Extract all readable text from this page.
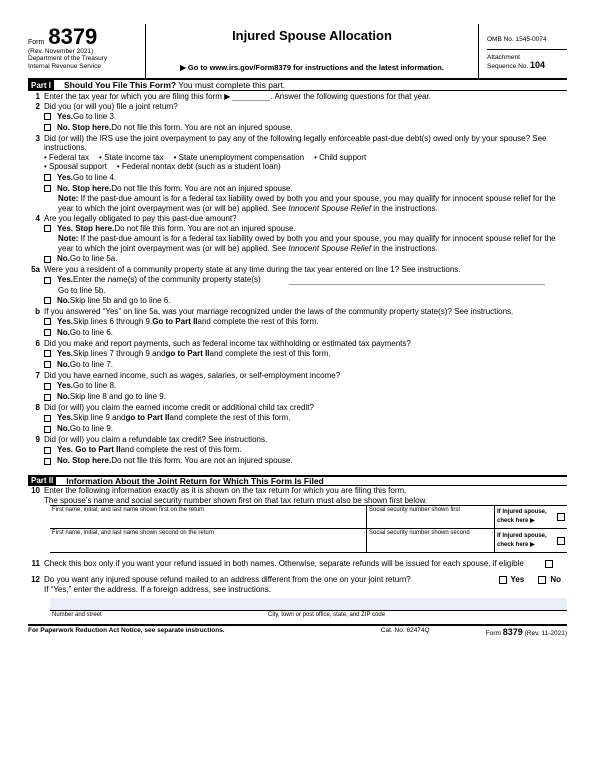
Form 8379
(Rev. November 2021)
Department of the Treasury
Internal Revenue Service
Injured Spouse Allocation
▶ Go to www.irs.gov/Form8379 for instructions and the latest information.
OMB No. 1545-0074
Attachment
Sequence No. 104
Part I	Should You File This Form? You must complete this part.
1 Enter the tax year for which you are filing this form ▶	. Answer the following questions for that year.
2 Did you (or will you) file a joint return?
Yes. Go to line 3.
No. Stop here. Do not file this form. You are not an injured spouse.
3 Did (or will) the IRS use the joint overpayment to pay any of the following legally enforceable past-due debt(s) owed only by your spouse? See instructions.
• Federal tax • State income tax • State unemployment compensation • Child support
• Spousal support • Federal nontax debt (such as a student loan)
Yes. Go to line 4.
No. Stop here. Do not file this form. You are not an injured spouse.
Note: If the past-due amount is for a federal tax liability owed by both you and your spouse, you may qualify for innocent spouse relief for the year to which the joint overpayment was (or will be) applied. See Innocent Spouse Relief in the instructions.
4 Are you legally obligated to pay this past-due amount?
Yes. Stop here. Do not file this form. You are not an injured spouse.
Note: If the past-due amount is for a federal tax liability owed by both you and your spouse, you may qualify for innocent spouse relief for the year to which the joint overpayment was (or will be) applied. See Innocent Spouse Relief in the instructions.
No. Go to line 5a.
5a Were you a resident of a community property state at any time during the tax year entered on line 1? See instructions.
Yes. Enter the name(s) of the community property state(s)
Go to line 5b.
No. Skip line 5b and go to line 6.
b If you answered “Yes” on line 5a, was your marriage recognized under the laws of the community property state(s)? See instructions.
Yes. Skip lines 6 through 9. Go to Part II and complete the rest of this form.
No. Go to line 6.
6 Did you make and report payments, such as federal income tax withholding or estimated tax payments?
Yes. Skip lines 7 through 9 and go to Part II and complete the rest of this form.
No. Go to line 7.
7 Did you have earned income, such as wages, salaries, or self-employment income?
Yes. Go to line 8.
No. Skip line 8 and go to line 9.
8 Did (or will) you claim the earned income credit or additional child tax credit?
Yes. Skip line 9 and go to Part II and complete the rest of this form.
No. Go to line 9.
9 Did (or will) you claim a refundable tax credit? See instructions.
Yes. Go to Part II and complete the rest of this form.
No. Stop here. Do not file this form. You are not an injured spouse.
Part II	Information About the Joint Return for Which This Form Is Filed
10 Enter the following information exactly as it is shown on the tax return for which you are filing this form.
The spouse’s name and social security number shown first on that tax return must also be shown first below.
First name, initial, and last name shown first on the return	Social security number shown first	If Injured spouse,
check here ▶
First name, initial, and last name shown second on the return	Social security number shown second	If Injured spouse,
check here ▶
11 Check this box only if you want your refund issued in both names. Otherwise, separate refunds will be issued for each spouse, if eligible
12 Do you want any injured spouse refund mailed to an address different from the one on your joint return?	Yes	No
If “Yes,” enter the address. If a foreign address, see instructions.
Number and street	City, town or post office, state, and ZIP code
For Paperwork Reduction Act Notice, see separate instructions.	Cat. No. 62474Q	Form 8379 (Rev. 11-2021)
